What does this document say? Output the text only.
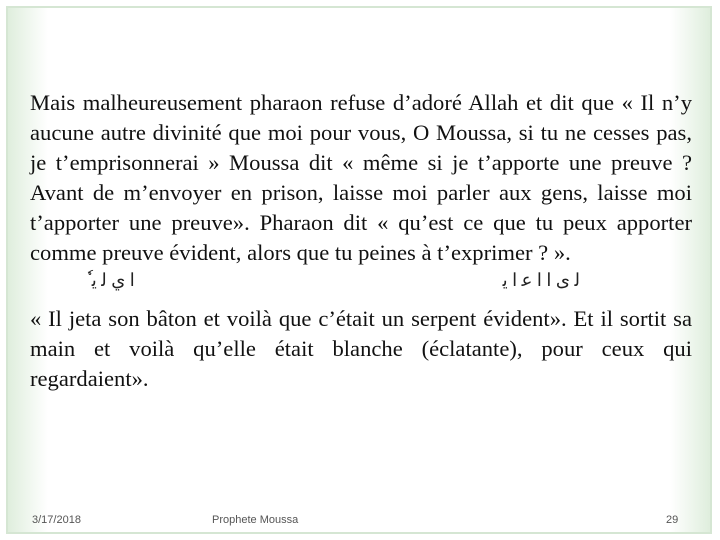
Mais malheureusement pharaon refuse d’adoré Allah et dit que « Il n’y aucune autre divinité que moi pour vous, O Moussa, si tu ne cesses pas, je t’emprisonnerai » Moussa dit « même si je t’apporte une preuve ? Avant de m’envoyer en prison, laisse moi parler aux gens, laisse moi t’apporter une preuve». Pharaon dit « qu’est ce que tu peux apporter comme preuve évident, alors que tu peines à t’exprimer ? ».

ﻟ ﻯ ﺍ ﺍ ﻋ ﺍ ﻳ
ﺍ ﻱ ﻟ ﻳ ٗ

« Il jeta son bâton et voilà que c’était un serpent évident». Et il sortit sa main et voilà qu’elle était blanche (éclatante), pour ceux qui regardaient».

3/17/2018	Prophete Moussa	29
